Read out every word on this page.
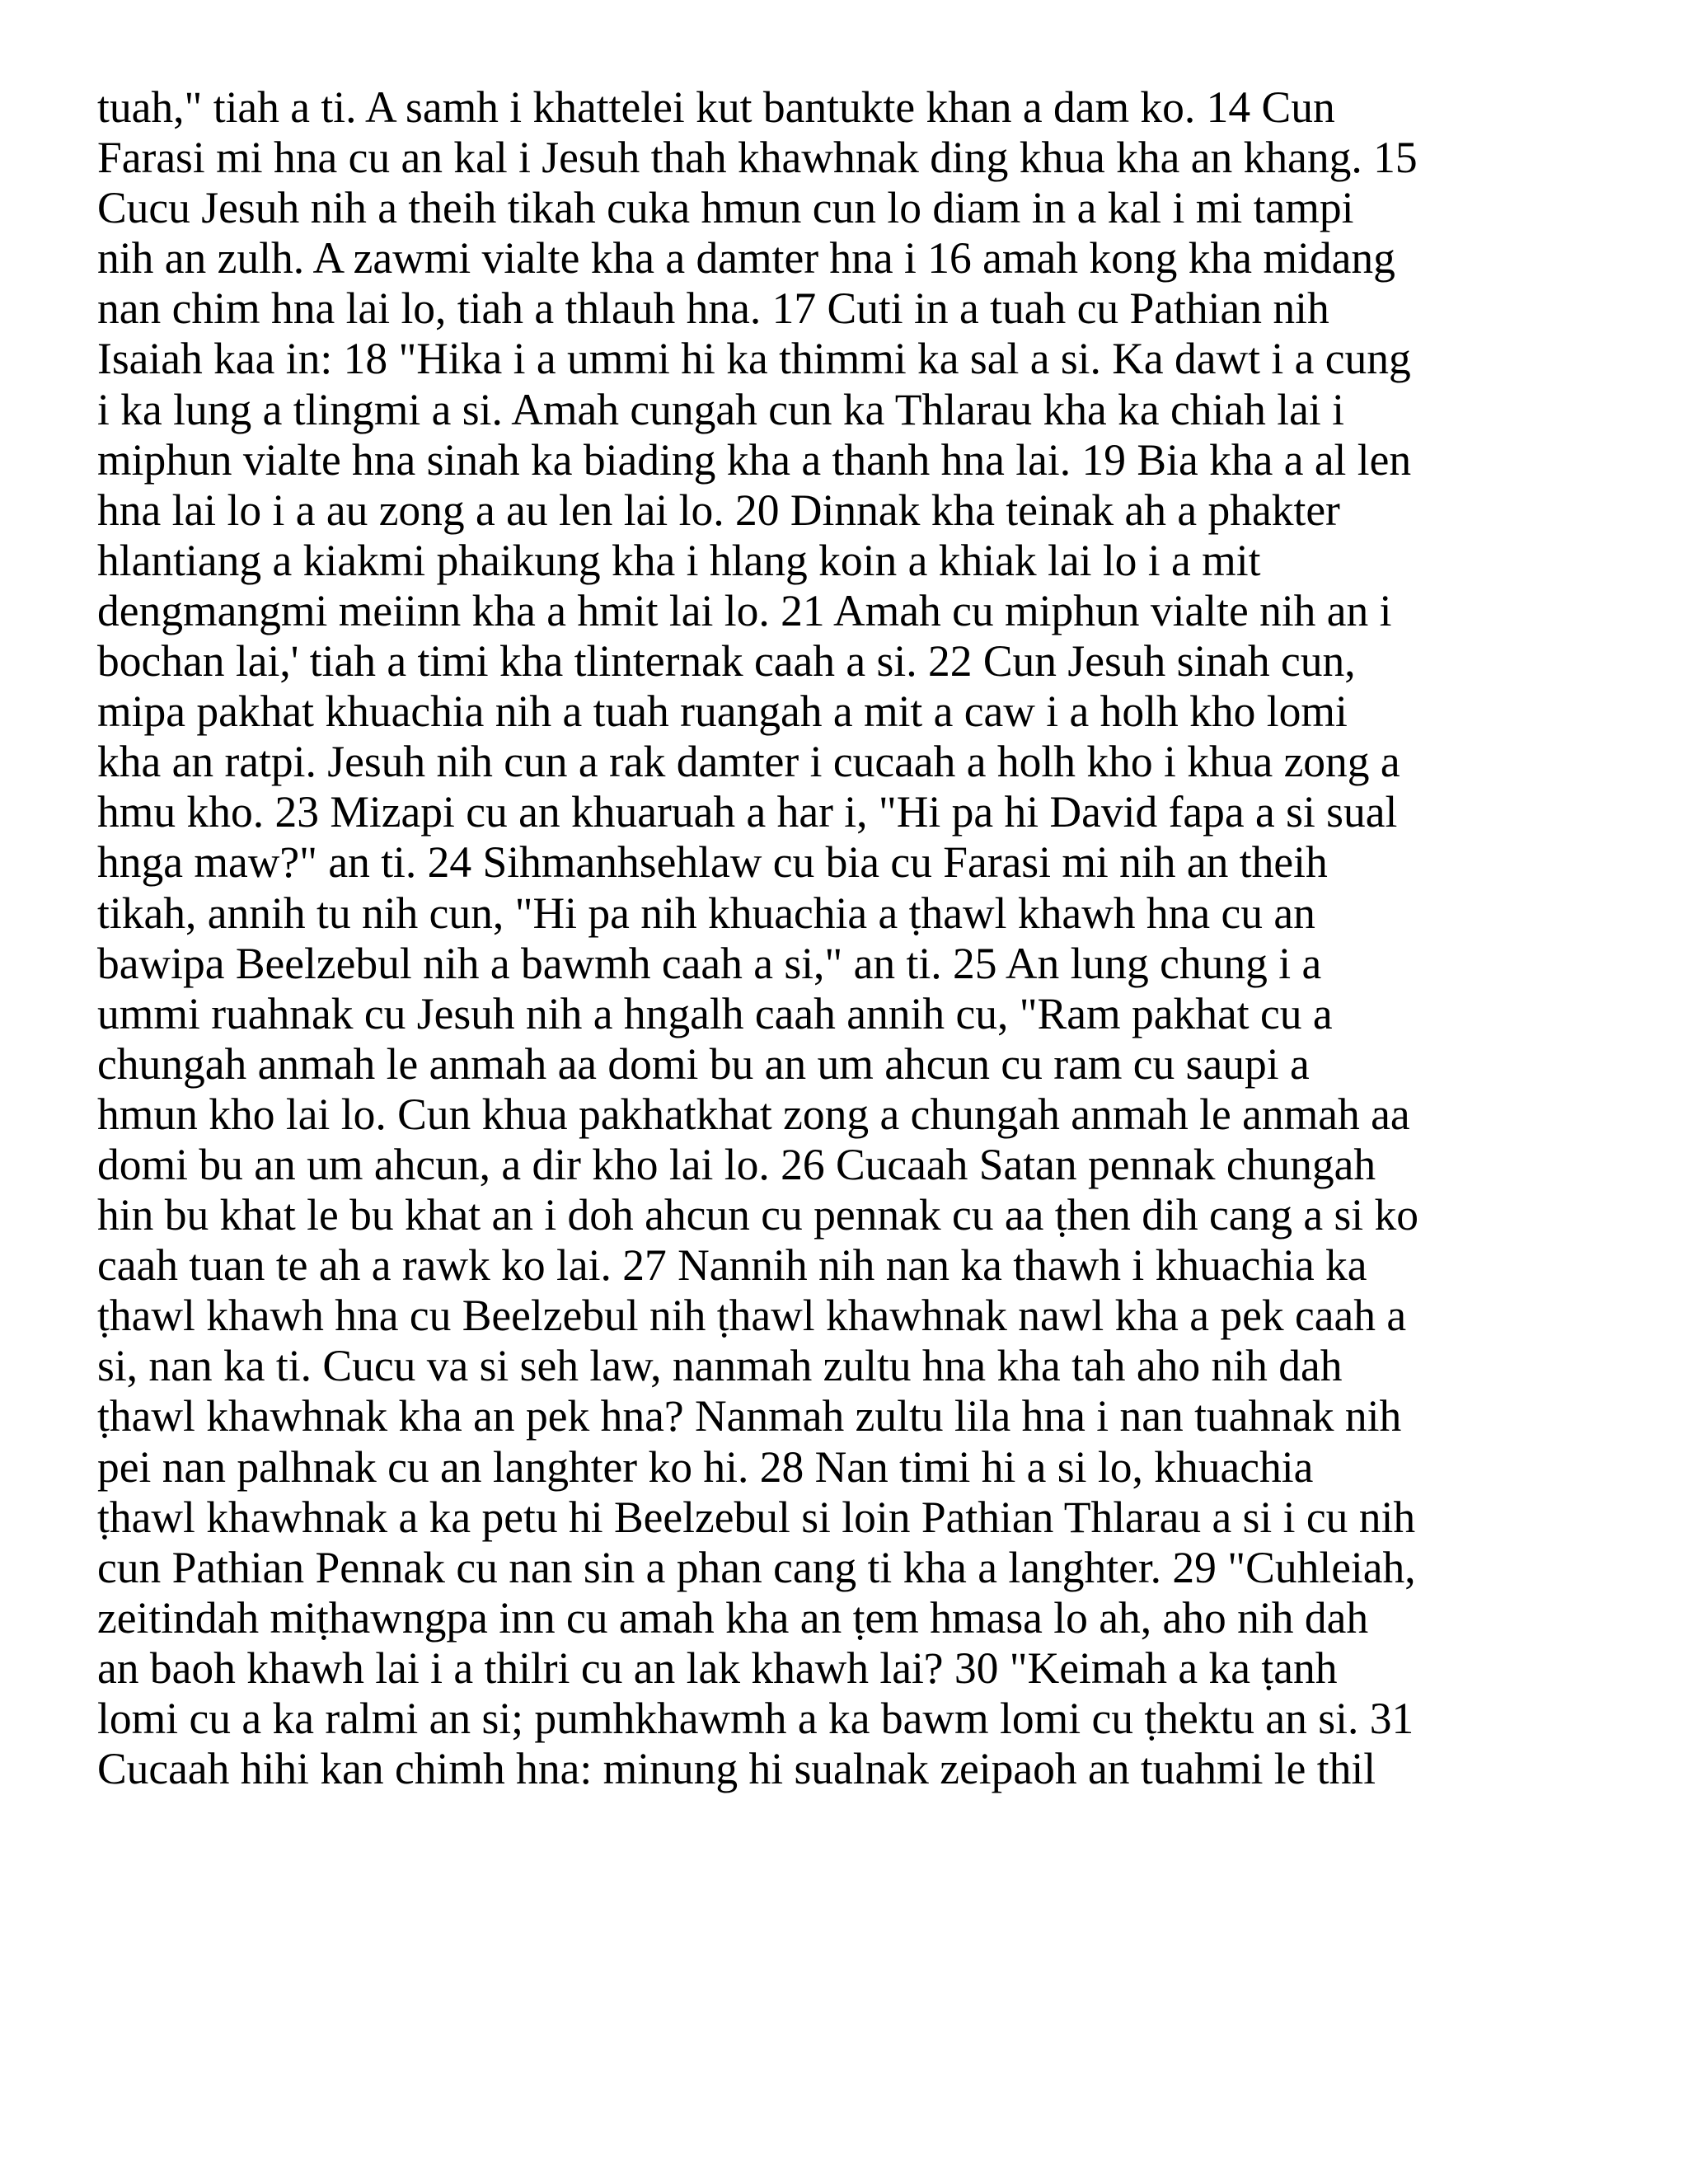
tuah," tiah a ti. A samh i khattelei kut bantukte khan a dam ko. 14 Cun
Farasi mi hna cu an kal i Jesuh thah khawhnak ding khua kha an khang. 15
Cucu Jesuh nih a theih tikah cuka hmun cun lo diam in a kal i mi tampi
nih an zulh. A zawmi vialte kha a damter hna i 16 amah kong kha midang
nan chim hna lai lo, tiah a thlauh hna. 17 Cuti in a tuah cu Pathian nih
Isaiah kaa in: 18 "Hika i a ummi hi ka thimmi ka sal a si. Ka dawt i a cung
i ka lung a tlingmi a si. Amah cungah cun ka Thlarau kha ka chiah lai i
miphun vialte hna sinah ka biading kha a thanh hna lai. 19 Bia kha a al len
hna lai lo i a au zong a au len lai lo. 20 Dinnak kha teinak ah a phakter
hlantiang a kiakmi phaikung kha i hlang koin a khiak lai lo i a mit
dengmangmi meiinn kha a hmit lai lo. 21 Amah cu miphun vialte nih an i
bochan lai,' tiah a timi kha tlinternak caah a si. 22 Cun Jesuh sinah cun,
mipa pakhat khuachia nih a tuah ruangah a mit a caw i a holh kho lomi
kha an ratpi. Jesuh nih cun a rak damter i cucaah a holh kho i khua zong a
hmu kho. 23 Mizapi cu an khuaruah a har i, "Hi pa hi David fapa a si sual
hnga maw?" an ti. 24 Sihmanhsehlaw cu bia cu Farasi mi nih an theih
tikah, annih tu nih cun, "Hi pa nih khuachia a ṭhawl khawh hna cu an
bawipa Beelzebul nih a bawmh caah a si," an ti. 25 An lung chung i a
ummi ruahnak cu Jesuh nih a hngalh caah annih cu, "Ram pakhat cu a
chungah anmah le anmah aa domi bu an um ahcun cu ram cu saupi a
hmun kho lai lo. Cun khua pakhatkhat zong a chungah anmah le anmah aa
domi bu an um ahcun, a dir kho lai lo. 26 Cucaah Satan pennak chungah
hin bu khat le bu khat an i doh ahcun cu pennak cu aa ṭhen dih cang a si ko
caah tuan te ah a rawk ko lai. 27 Nannih nih nan ka thawh i khuachia ka
ṭhawl khawh hna cu Beelzebul nih ṭhawl khawhnak nawl kha a pek caah a
si, nan ka ti. Cucu va si seh law, nanmah zultu hna kha tah aho nih dah
ṭhawl khawhnak kha an pek hna? Nanmah zultu lila hna i nan tuahnak nih
pei nan palhnak cu an langhter ko hi. 28 Nan timi hi a si lo, khuachia
ṭhawl khawhnak a ka petu hi Beelzebul si loin Pathian Thlarau a si i cu nih
cun Pathian Pennak cu nan sin a phan cang ti kha a langhter. 29 "Cuhleiah,
zeitindah miṭhawngpa inn cu amah kha an ṭem hmasa lo ah, aho nih dah
an baoh khawh lai i a thilri cu an lak khawh lai? 30 "Keimah a ka ṭanh
lomi cu a ka ralmi an si; pumhkhawmh a ka bawm lomi cu ṭhektu an si. 31
Cucaah hihi kan chimh hna: minung hi sualnak zeipaoh an tuahmi le thil
